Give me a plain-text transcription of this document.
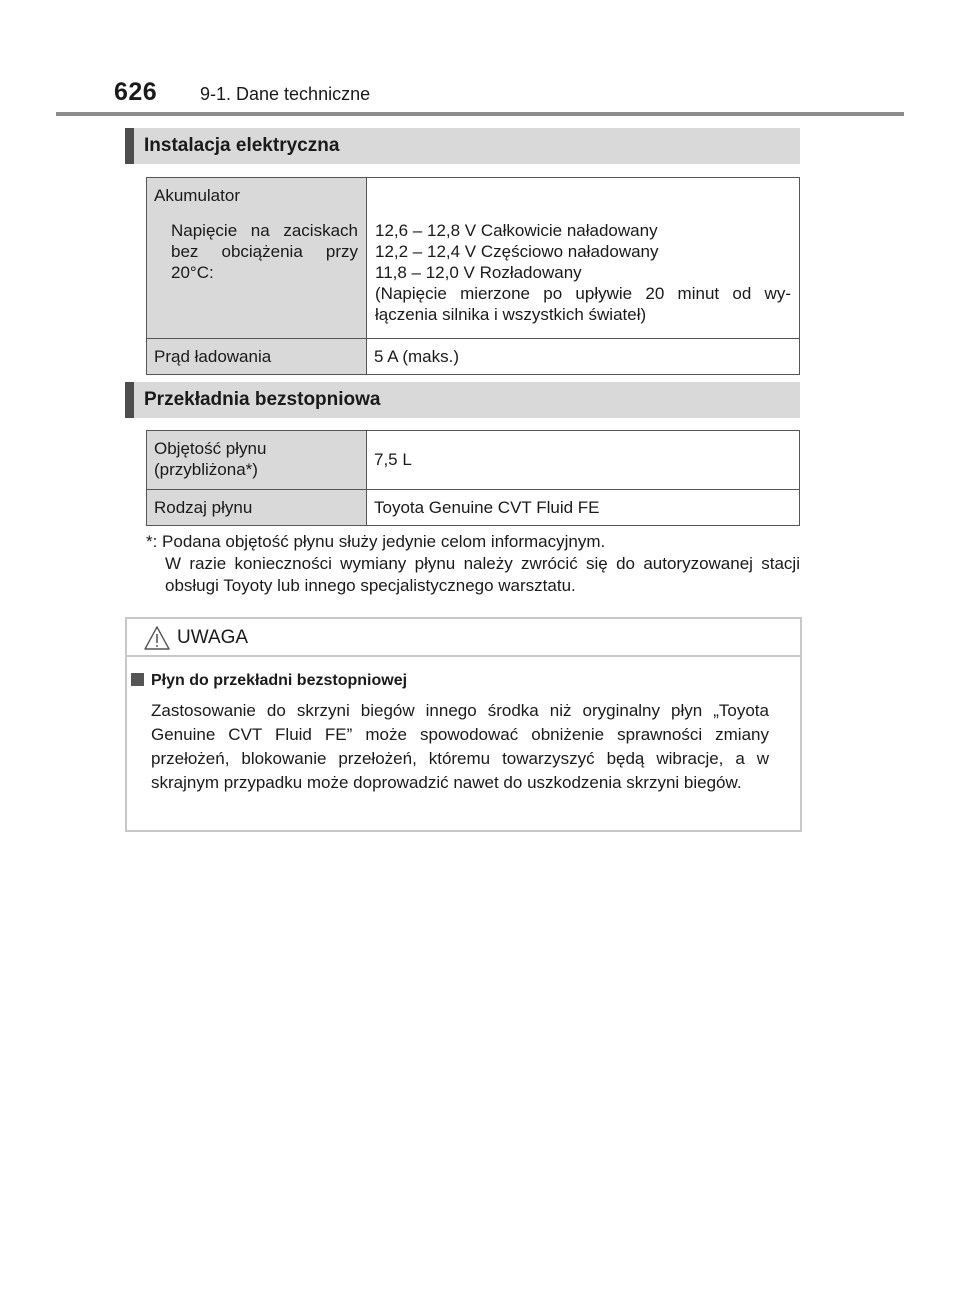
626 9-1. Dane techniczne
Instalacja elektryczna
Akumulator
Napięcie na zaciskach bez obciążenia przy 20°C:	12,6 – 12,8 V Całkowicie naładowany
12,2 – 12,4 V Częściowo naładowany
11,8 – 12,0 V Rozładowany
(Napięcie mierzone po upływie 20 minut od wy-
łączenia silnika i wszystkich świateł)

Prąd ładowania	5 A (maks.)
Przekładnia bezstopniowa
Objętość płynu
(przybliżona*)	7,5 L

Rodzaj płynu	Toyota Genuine CVT Fluid FE
*: Podana objętość płynu służy jedynie celom informacyjnym.
W razie konieczności wymiany płynu należy zwrócić się do autoryzowanej stacji obsługi Toyoty lub innego specjalistycznego warsztatu.
UWAGA
Płyn do przekładni bezstopniowej
Zastosowanie do skrzyni biegów innego środka niż oryginalny płyn „Toyota Genuine CVT Fluid FE” może spowodować obniżenie sprawności zmiany przełożeń, blokowanie przełożeń, któremu towarzyszyć będą wibracje, a w skrajnym przypadku może doprowadzić nawet do uszkodzenia skrzyni biegów.
